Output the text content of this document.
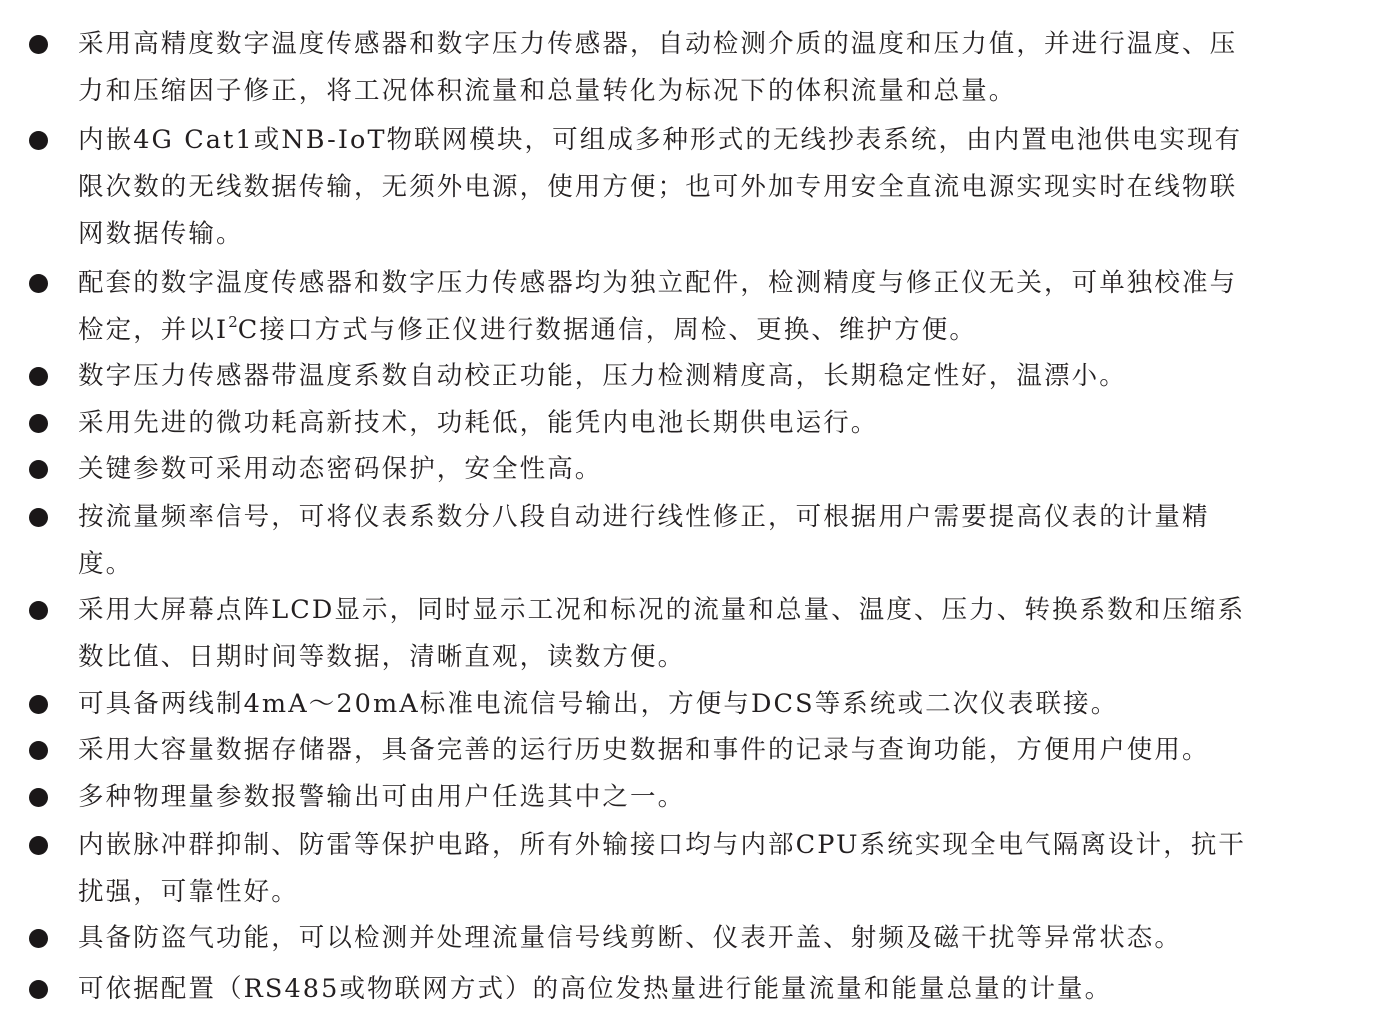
采用高精度数字温度传感器和数字压力传感器，自动检测介质的温度和压力值，并进行温度、压
力和压缩因子修正，将工况体积流量和总量转化为标况下的体积流量和总量。
内嵌4G Cat1或NB-IoT物联网模块，可组成多种形式的无线抄表系统，由内置电池供电实现有
限次数的无线数据传输，无须外电源，使用方便；也可外加专用安全直流电源实现实时在线物联
网数据传输。
配套的数字温度传感器和数字压力传感器均为独立配件，检测精度与修正仪无关，可单独校准与
检定，并以$I^2C$接口方式与修正仪进行数据通信，周检、更换、维护方便。
数字压力传感器带温度系数自动校正功能，压力检测精度高，长期稳定性好，温漂小。
采用先进的微功耗高新技术，功耗低，能凭内电池长期供电运行。
关键参数可采用动态密码保护，安全性高。
按流量频率信号，可将仪表系数分八段自动进行线性修正，可根据用户需要提高仪表的计量精
度。
采用大屏幕点阵LCD显示，同时显示工况和标况的流量和总量、温度、压力、转换系数和压缩系
数比值、日期时间等数据，清晰直观，读数方便。
可具备两线制4mA～20mA标准电流信号输出，方便与DCS等系统或二次仪表联接。
采用大容量数据存储器，具备完善的运行历史数据和事件的记录与查询功能，方便用户使用。
多种物理量参数报警输出可由用户任选其中之一。
内嵌脉冲群抑制、防雷等保护电路，所有外输接口均与内部CPU系统实现全电气隔离设计，抗干
扰强，可靠性好。
具备防盗气功能，可以检测并处理流量信号线剪断、仪表开盖、射频及磁干扰等异常状态。
可依据配置（RS485或物联网方式）的高位发热量进行能量流量和能量总量的计量。
